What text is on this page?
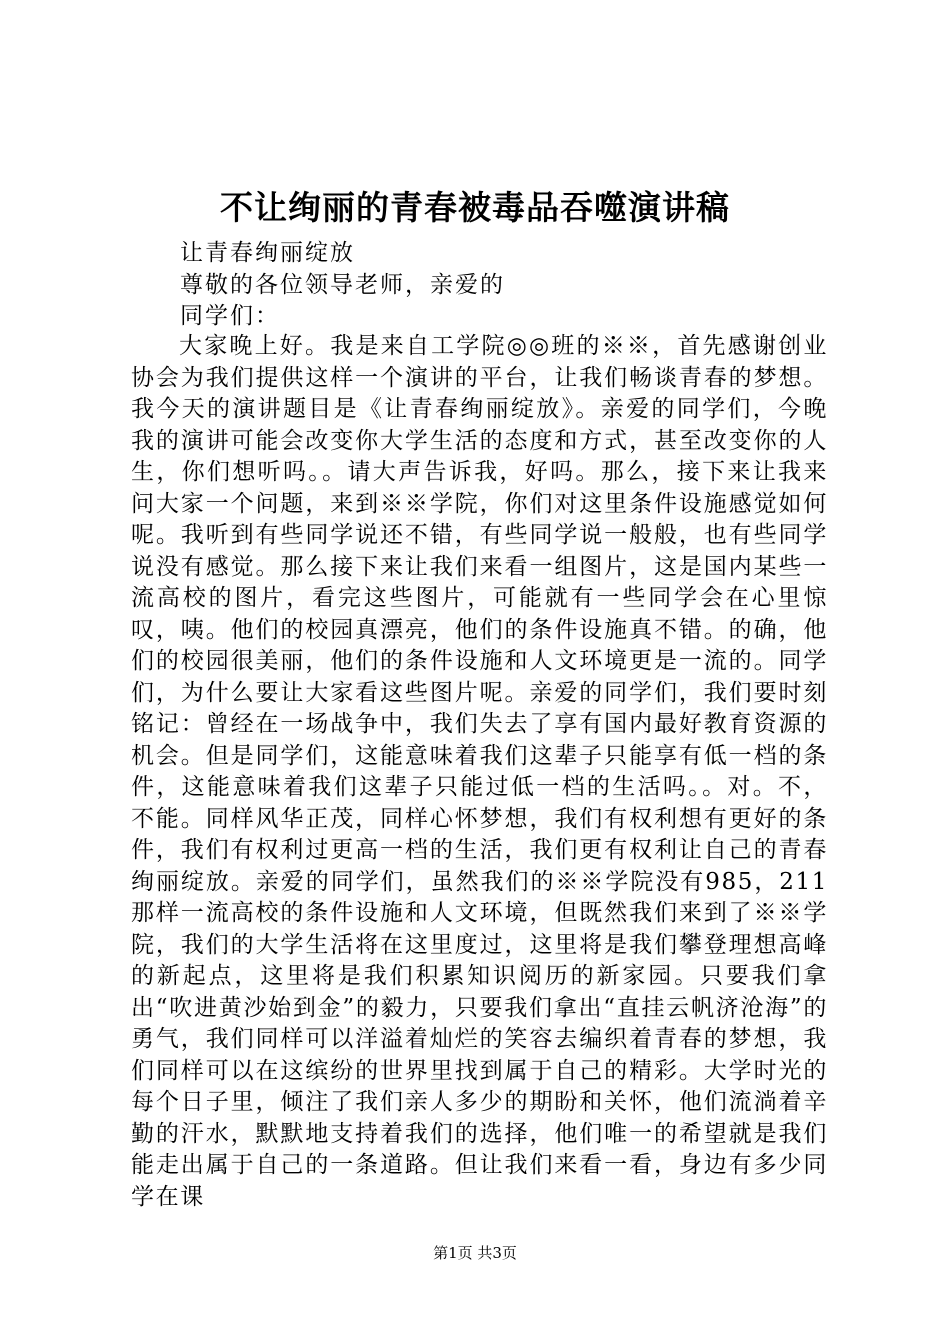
不让绚丽的青春被毒品吞噬演讲稿
让青春绚丽绽放
尊敬的各位领导老师，亲爱的
同学们：
大家晚上好。我是来自工学院◎◎班的※※，首先感谢创业协会为我们提供这样一个演讲的平台，让我们畅谈青春的梦想。我今天的演讲题目是《让青春绚丽绽放》。亲爱的同学们，今晚我的演讲可能会改变你大学生活的态度和方式，甚至改变你的人生，你们想听吗。。请大声告诉我，好吗。那么，接下来让我来问大家一个问题，来到※※学院，你们对这里条件设施感觉如何呢。我听到有些同学说还不错，有些同学说一般般，也有些同学说没有感觉。那么接下来让我们来看一组图片，这是国内某些一流高校的图片，看完这些图片，可能就有一些同学会在心里惊叹，咦。他们的校园真漂亮，他们的条件设施真不错。的确，他们的校园很美丽，他们的条件设施和人文环境更是一流的。同学们，为什么要让大家看这些图片呢。亲爱的同学们，我们要时刻铭记：曾经在一场战争中，我们失去了享有国内最好教育资源的机会。但是同学们，这能意味着我们这辈子只能享有低一档的条件，这能意味着我们这辈子只能过低一档的生活吗。。对。不，不能。同样风华正茂，同样心怀梦想，我们有权利想有更好的条件，我们有权利过更高一档的生活，我们更有权利让自己的青春绚丽绽放。亲爱的同学们，虽然我们的※※学院没有985，211那样一流高校的条件设施和人文环境，但既然我们来到了※※学院，我们的大学生活将在这里度过，这里将是我们攀登理想高峰的新起点，这里将是我们积累知识阅历的新家园。只要我们拿出“吹进黄沙始到金”的毅力，只要我们拿出“直挂云帆济沧海”的勇气，我们同样可以洋溢着灿烂的笑容去编织着青春的梦想，我们同样可以在这缤纷的世界里找到属于自己的精彩。大学时光的每个日子里，倾注了我们亲人多少的期盼和关怀，他们流淌着辛勤的汗水，默默地支持着我们的选择，他们唯一的希望就是我们能走出属于自己的一条道路。但让我们来看一看，身边有多少同学在课
第1页 共3页
